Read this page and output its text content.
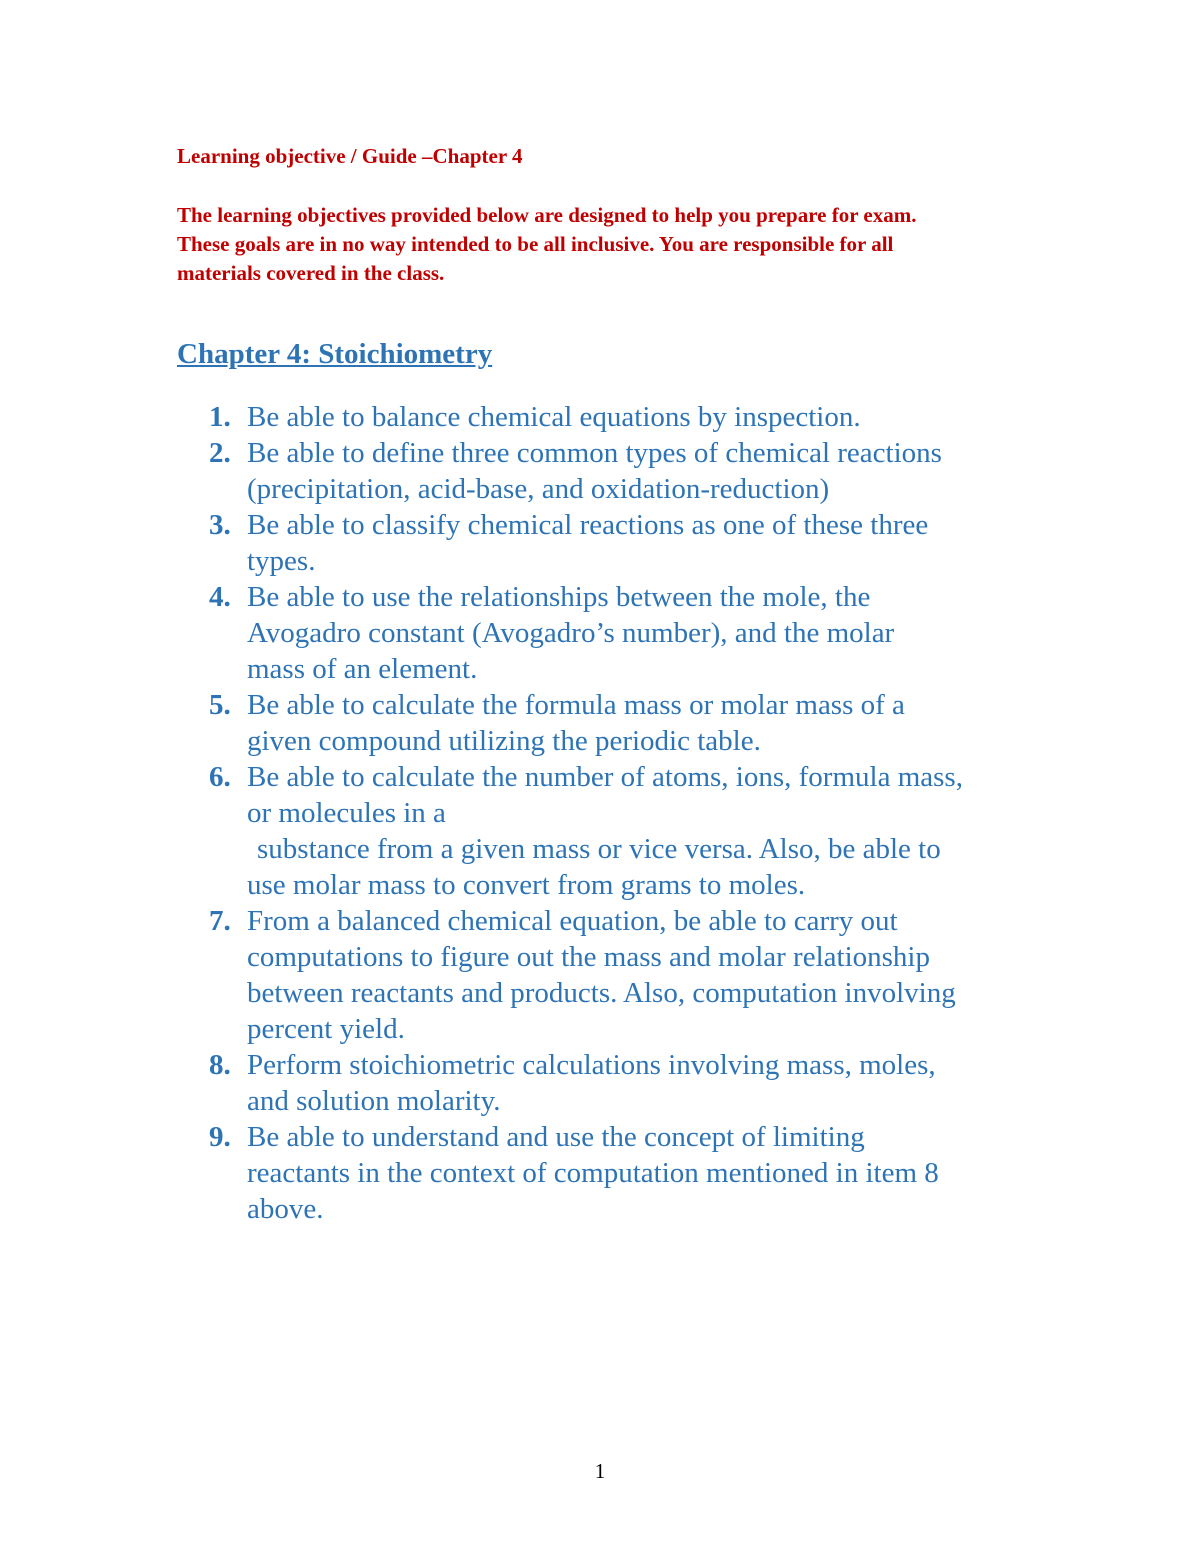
Learning objective / Guide –Chapter 4

The learning objectives provided below are designed to help you prepare for exam.
These goals are in no way intended to be all inclusive. You are responsible for all
materials covered in the class.

Chapter 4: Stoichiometry
1. Be able to balance chemical equations by inspection.
2. Be able to define three common types of chemical reactions
(precipitation, acid-base, and oxidation-reduction)
3. Be able to classify chemical reactions as one of these three
types.
4. Be able to use the relationships between the mole, the
Avogadro constant (Avogadro’s number), and the molar
mass of an element.
5. Be able to calculate the formula mass or molar mass of a
given compound utilizing the periodic table.
6. Be able to calculate the number of atoms, ions, formula mass,
or molecules in a
substance from a given mass or vice versa. Also, be able to
use molar mass to convert from grams to moles.
7. From a balanced chemical equation, be able to carry out
computations to figure out the mass and molar relationship
between reactants and products. Also, computation involving
percent yield.
8. Perform stoichiometric calculations involving mass, moles,
and solution molarity.
9. Be able to understand and use the concept of limiting
reactants in the context of computation mentioned in item 8
above.
1
